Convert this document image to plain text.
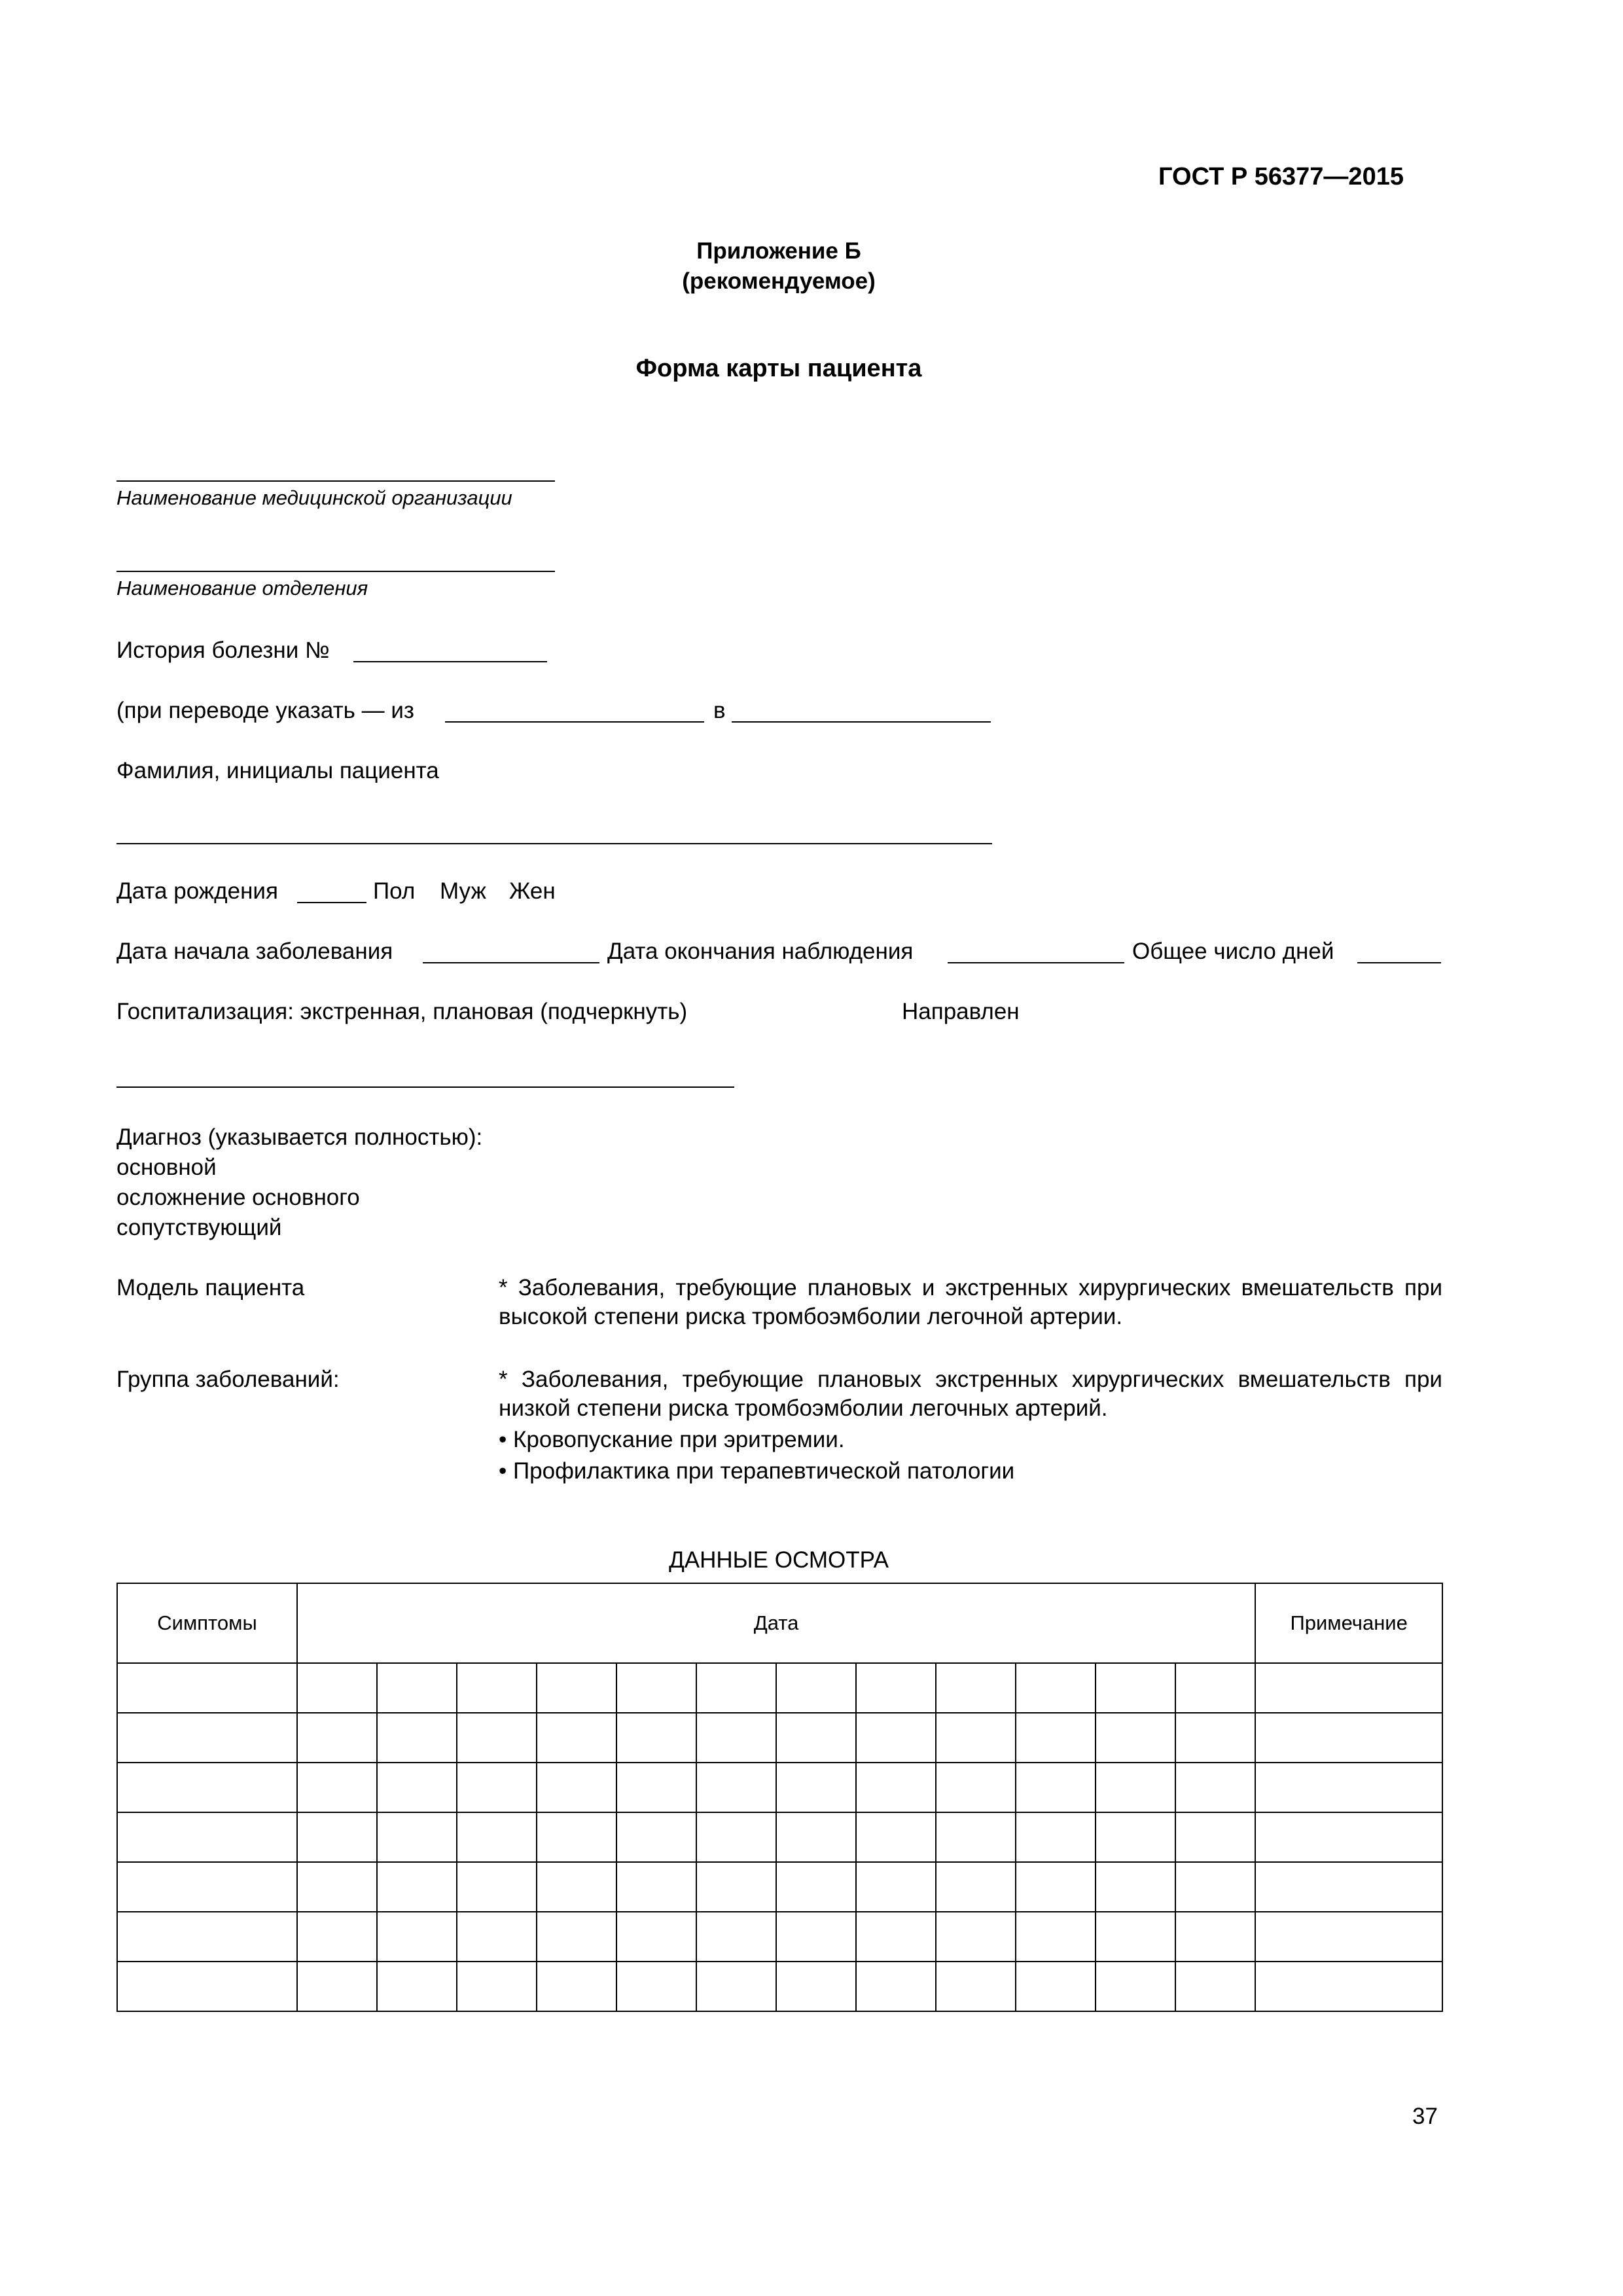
ГОСТ Р 56377—2015
Приложение Б
(рекомендуемое)
Форма карты пациента
Наименование медицинской организации
Наименование отделения
История болезни №
(при переводе указать — из	в
Фамилия, инициалы пациента
Дата рождения	Пол Муж Жен
Дата начала заболевания	Дата окончания наблюдения	Общее число дней
Госпитализация: экстренная, плановая (подчеркнуть)	Направлен
Диагноз (указывается полностью):
основной
осложнение основного
сопутствующий
Модель пациента	* Заболевания, требующие плановых и экстренных хирургических вмешательств при высокой степени риска тромбоэмболии легочной артерии.
Группа заболеваний:	* Заболевания, требующие плановых экстренных хирургических вмешательств при низкой степени риска тромбоэмболии легочных артерий.
• Кровопускание при эритремии.
• Профилактика при терапевтической патологии
ДАННЫЕ ОСМОТРА
Симптомы	Дата												Примечание

37
